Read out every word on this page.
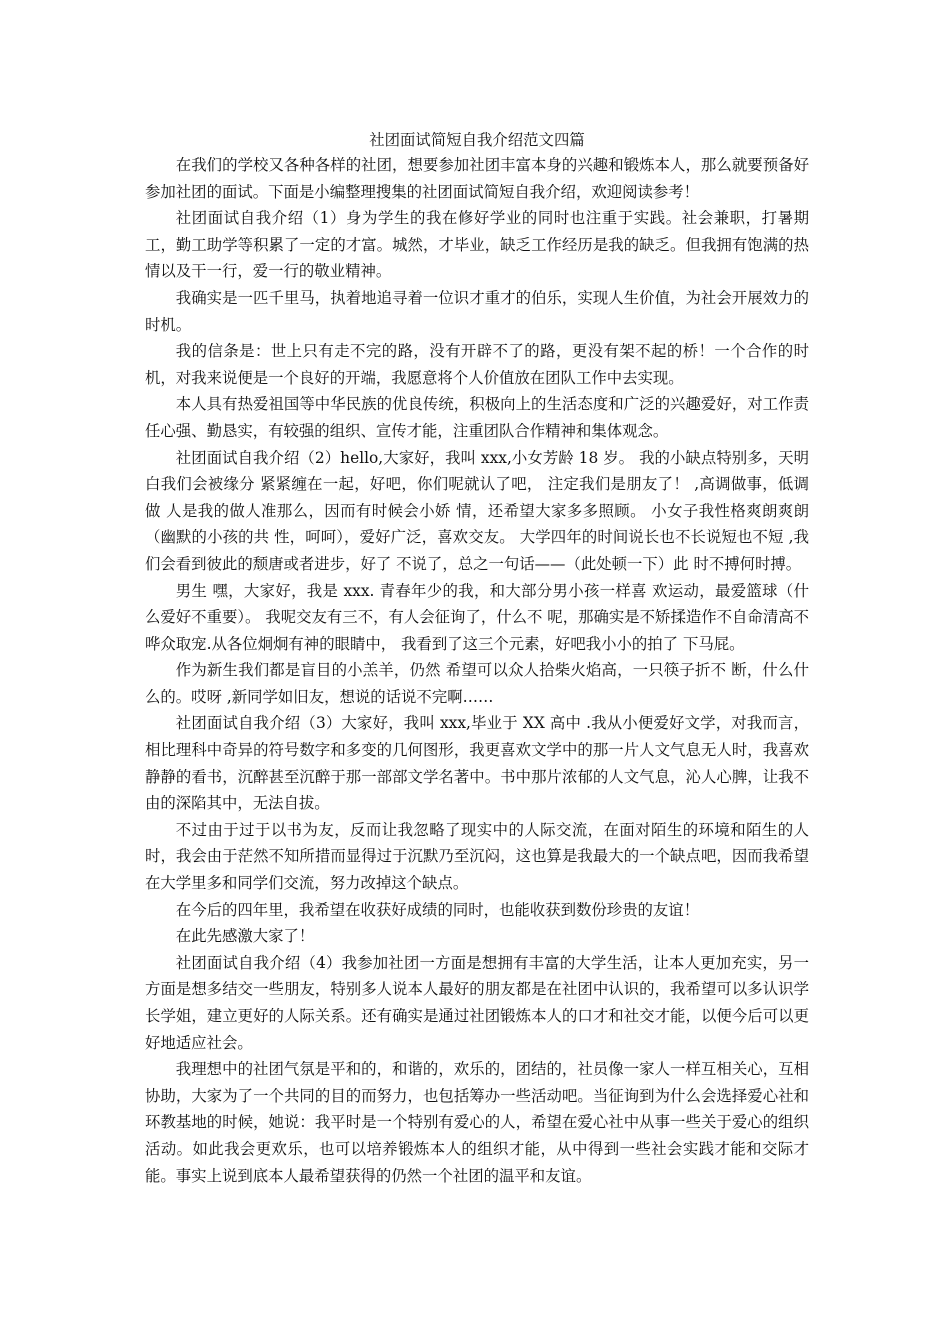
社团面试简短自我介绍范文四篇

在我们的学校又各种各样的社团，想要参加社团丰富本身的兴趣和锻炼本人，那么就要预备好参加社团的面试。下面是小编整理搜集的社团面试简短自我介绍，欢迎阅读参考！

社团面试自我介绍（1）身为学生的我在修好学业的同时也注重于实践。社会兼职，打暑期工，勤工助学等积累了一定的才富。城然，才毕业，缺乏工作经历是我的缺乏。但我拥有饱满的热情以及干一行，爱一行的敬业精神。

我确实是一匹千里马，执着地追寻着一位识才重才的伯乐，实现人生价值，为社会开展效力的时机。

我的信条是：世上只有走不完的路，没有开辟不了的路，更没有架不起的桥！一个合作的时机，对我来说便是一个良好的开端，我愿意将个人价值放在团队工作中去实现。

本人具有热爱祖国等中华民族的优良传统，积极向上的生活态度和广泛的兴趣爱好，对工作责任心强、勤恳实，有较强的组织、宣传才能，注重团队合作精神和集体观念。

社团面试自我介绍（2）hello,大家好，我叫 xxx,小女芳龄 18 岁。 我的小缺点特别多，天明白我们会被缘分 紧紧缠在一起，好吧，你们呢就认了吧， 注定我们是朋友了！ ,高调做事，低调做 人是我的做人准那么，因而有时候会小娇 情，还希望大家多多照顾。 小女子我性格爽朗爽朗（幽默的小孩的共 性，呵呵），爱好广泛，喜欢交友。 大学四年的时间说长也不长说短也不短 ,我们会看到彼此的颓唐或者进步，好了 不说了，总之一句话——（此处顿一下）此 时不搏何时搏。

男生 嘿，大家好，我是 xxx. 青春年少的我，和大部分男小孩一样喜 欢运动，最爱篮球（什么爱好不重要）。 我呢交友有三不，有人会征询了，什么不 呢，那确实是不矫揉造作不自命清高不 哗众取宠.从各位炯炯有神的眼睛中， 我看到了这三个元素，好吧我小小的拍了 下马屁。

作为新生我们都是盲目的小羔羊，仍然 希望可以众人拾柴火焰高，一只筷子折不 断，什么什么的。哎呀 ,新同学如旧友，想说的话说不完啊……

社团面试自我介绍（3）大家好，我叫 xxx,毕业于 XX 高中 .我从小便爱好文学，对我而言，相比理科中奇异的符号数字和多变的几何图形，我更喜欢文学中的那一片人文气息无人时，我喜欢静静的看书，沉醉甚至沉醉于那一部部文学名著中。书中那片浓郁的人文气息，沁人心脾，让我不由的深陷其中，无法自拔。

不过由于过于以书为友，反而让我忽略了现实中的人际交流，在面对陌生的环境和陌生的人时，我会由于茫然不知所措而显得过于沉默乃至沉闷，这也算是我最大的一个缺点吧，因而我希望在大学里多和同学们交流，努力改掉这个缺点。

在今后的四年里，我希望在收获好成绩的同时，也能收获到数份珍贵的友谊！

在此先感激大家了！

社团面试自我介绍（4）我参加社团一方面是想拥有丰富的大学生活，让本人更加充实，另一方面是想多结交一些朋友，特别多人说本人最好的朋友都是在社团中认识的，我希望可以多认识学长学姐，建立更好的人际关系。还有确实是通过社团锻炼本人的口才和社交才能，以便今后可以更好地适应社会。

我理想中的社团气氛是平和的，和谐的，欢乐的，团结的，社员像一家人一样互相关心，互相协助，大家为了一个共同的目的而努力，也包括筹办一些活动吧。当征询到为什么会选择爱心社和环教基地的时候，她说：我平时是一个特别有爱心的人，希望在爱心社中从事一些关于爱心的组织活动。如此我会更欢乐，也可以培养锻炼本人的组织才能，从中得到一些社会实践才能和交际才能。事实上说到底本人最希望获得的仍然一个社团的温平和友谊。
